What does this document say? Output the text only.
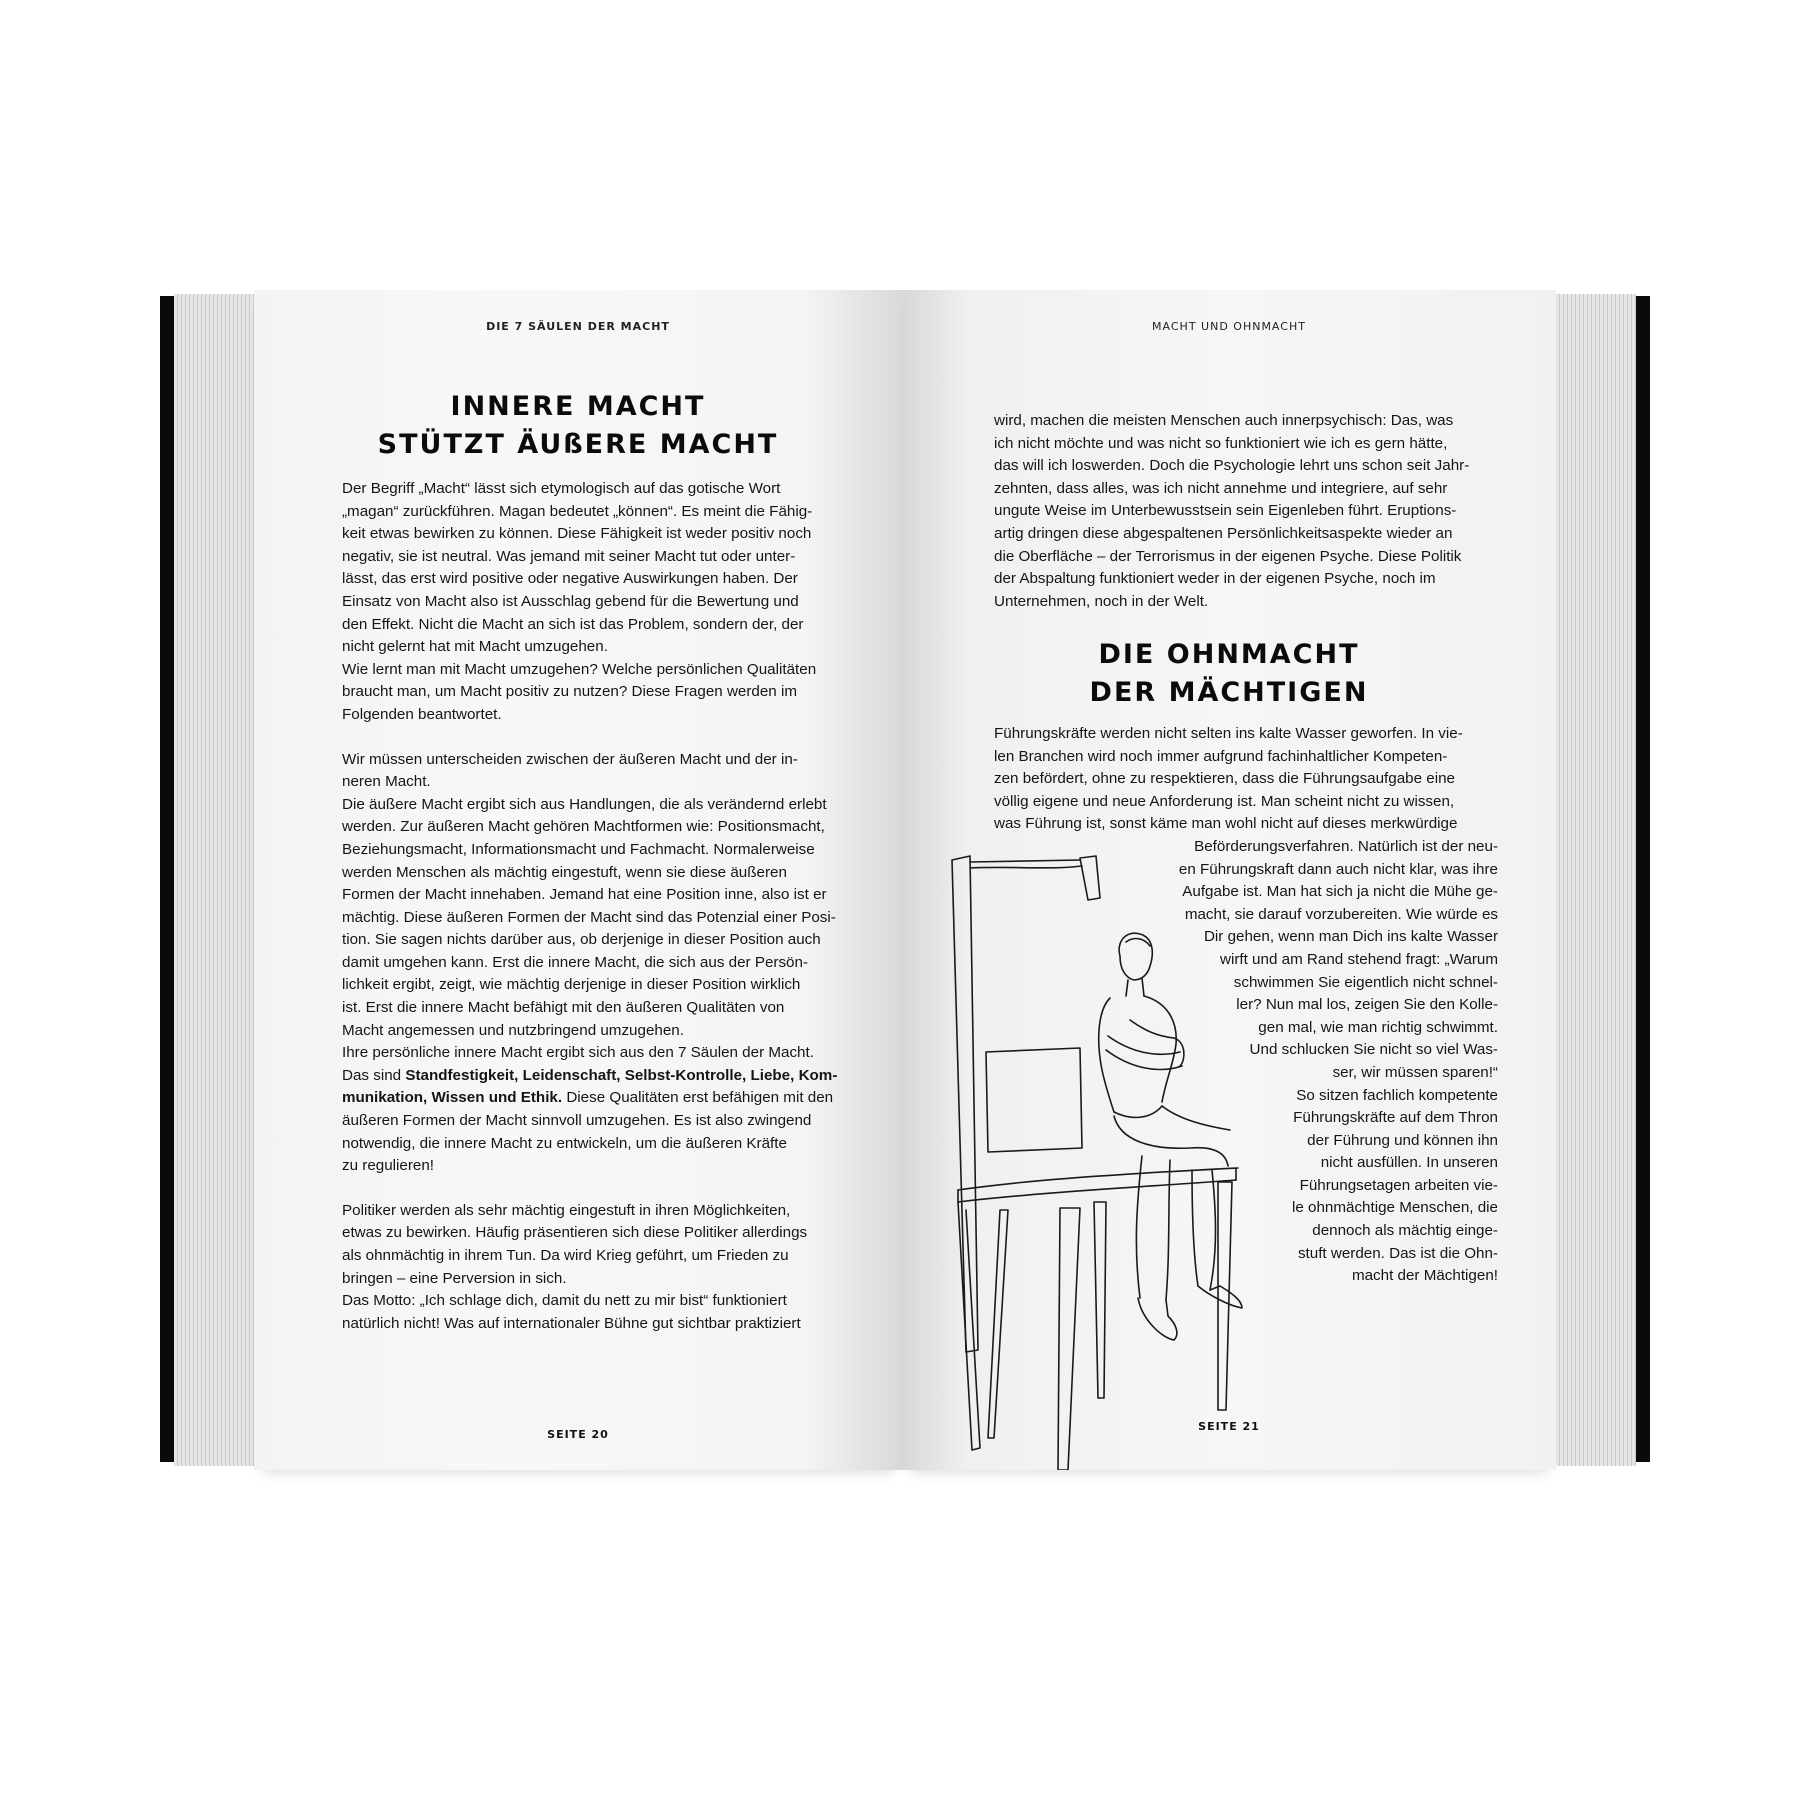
DIE 7 SÄULEN DER MACHT
INNERE MACHT
STÜTZT ÄUßERE MACHT

Der Begriff „Macht“ lässt sich etymologisch auf das gotische Wort

„magan“ zurückführen. Magan bedeutet „können“. Es meint die Fähig-

keit etwas bewirken zu können. Diese Fähigkeit ist weder positiv noch

negativ, sie ist neutral. Was jemand mit seiner Macht tut oder unter-

lässt, das erst wird positive oder negative Auswirkungen haben. Der

Einsatz von Macht also ist Ausschlag gebend für die Bewertung und

den Effekt. Nicht die Macht an sich ist das Problem, sondern der, der

nicht gelernt hat mit Macht umzugehen.

Wie lernt man mit Macht umzugehen? Welche persönlichen Qualitäten

braucht man, um Macht positiv zu nutzen? Diese Fragen werden im

Folgenden beantwortet.

Wir müssen unterscheiden zwischen der äußeren Macht und der in-

neren Macht.

Die äußere Macht ergibt sich aus Handlungen, die als verändernd erlebt

werden. Zur äußeren Macht gehören Machtformen wie: Positionsmacht,

Beziehungsmacht, Informationsmacht und Fachmacht. Normalerweise

werden Menschen als mächtig eingestuft, wenn sie diese äußeren

Formen der Macht innehaben. Jemand hat eine Position inne, also ist er

mächtig. Diese äußeren Formen der Macht sind das Potenzial einer Posi-

tion. Sie sagen nichts darüber aus, ob derjenige in dieser Position auch

damit umgehen kann. Erst die innere Macht, die sich aus der Persön-

lichkeit ergibt, zeigt, wie mächtig derjenige in dieser Position wirklich

ist. Erst die innere Macht befähigt mit den äußeren Qualitäten von

Macht angemessen und nutzbringend umzugehen.

Ihre persönliche innere Macht ergibt sich aus den 7 Säulen der Macht.

Das sind Standfestigkeit, Leidenschaft, Selbst-Kontrolle, Liebe, Kom-

munikation, Wissen und Ethik. Diese Qualitäten erst befähigen mit den

äußeren Formen der Macht sinnvoll umzugehen. Es ist also zwingend

notwendig, die innere Macht zu entwickeln, um die äußeren Kräfte

zu regulieren!

Politiker werden als sehr mächtig eingestuft in ihren Möglichkeiten,

etwas zu bewirken. Häufig präsentieren sich diese Politiker allerdings

als ohnmächtig in ihrem Tun. Da wird Krieg geführt, um Frieden zu

bringen – eine Perversion in sich.

Das Motto: „Ich schlage dich, damit du nett zu mir bist“ funktioniert

natürlich nicht! Was auf internationaler Bühne gut sichtbar praktiziert

SEITE 20
MACHT UND OHNMACHT

wird, machen die meisten Menschen auch innerpsychisch: Das, was

ich nicht möchte und was nicht so funktioniert wie ich es gern hätte,

das will ich loswerden. Doch die Psychologie lehrt uns schon seit Jahr-

zehnten, dass alles, was ich nicht annehme und integriere, auf sehr

ungute Weise im Unterbewusstsein sein Eigenleben führt. Eruptions-

artig dringen diese abgespaltenen Persönlichkeitsaspekte wieder an

die Oberfläche – der Terrorismus in der eigenen Psyche. Diese Politik

der Abspaltung funktioniert weder in der eigenen Psyche, noch im

Unternehmen, noch in der Welt.

DIE OHNMACHT
DER MÄCHTIGEN

Führungskräfte werden nicht selten ins kalte Wasser geworfen. In vie-

len Branchen wird noch immer aufgrund fachinhaltlicher Kompeten-

zen befördert, ohne zu respektieren, dass die Führungsaufgabe eine

völlig eigene und neue Anforderung ist. Man scheint nicht zu wissen,

was Führung ist, sonst käme man wohl nicht auf dieses merkwürdige

Beförderungsverfahren. Natürlich ist der neu-

en Führungskraft dann auch nicht klar, was ihre

Aufgabe ist. Man hat sich ja nicht die Mühe ge-

macht, sie darauf vorzubereiten. Wie würde es

Dir gehen, wenn man Dich ins kalte Wasser

wirft und am Rand stehend fragt: „Warum

schwimmen Sie eigentlich nicht schnel-

ler? Nun mal los, zeigen Sie den Kolle-

gen mal, wie man richtig schwimmt.

Und schlucken Sie nicht so viel Was-

ser, wir müssen sparen!“

So sitzen fachlich kompetente

Führungskräfte auf dem Thron

der Führung und können ihn

nicht ausfüllen. In unseren

Führungsetagen arbeiten vie-

le ohnmächtige Menschen, die

dennoch als mächtig einge-

stuft werden. Das ist die Ohn-

macht der Mächtigen!

SEITE 21
